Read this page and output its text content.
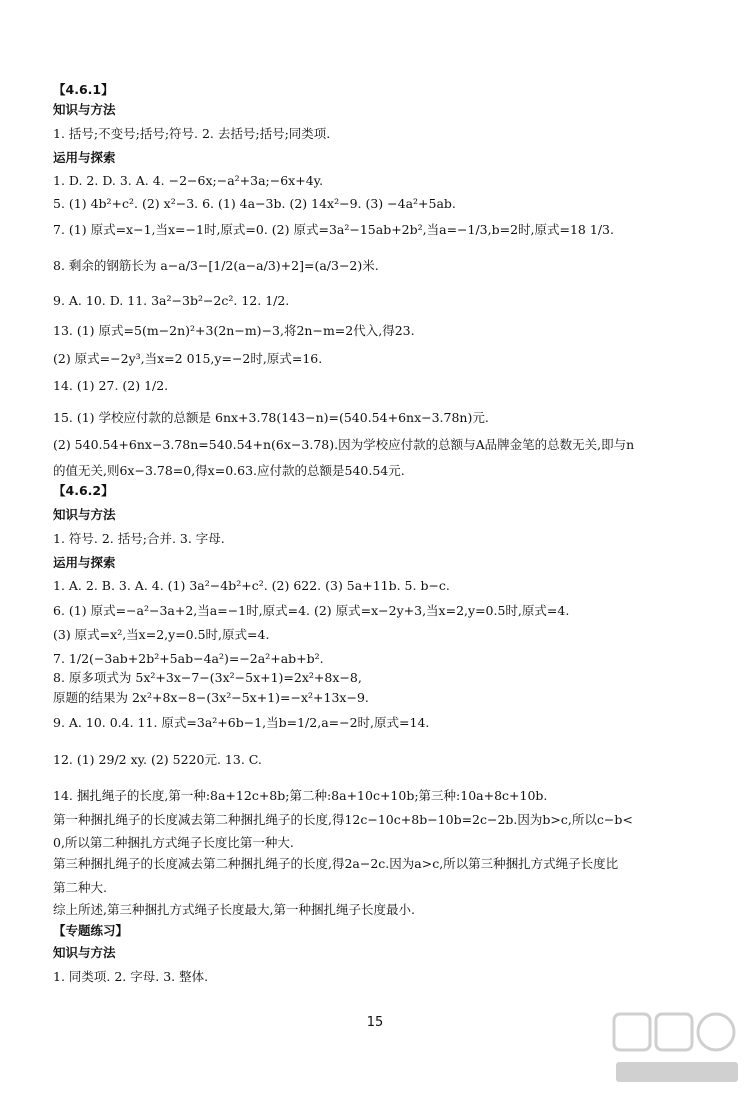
【4.6.1】
知识与方法
1. 括号;不变号;括号;符号. 2. 去括号;括号;同类项.
运用与探索
1. D. 2. D. 3. A. 4. −2−6x;−a²+3a;−6x+4y.
5. (1) 4b²+c². (2) x²−3. 6. (1) 4a−3b. (2) 14x²−9. (3) −4a²+5ab.
7. (1) 原式=x−1,当x=−1时,原式=0. (2) 原式=3a²−15ab+2b²,当a=−1/3,b=2时,原式=18 1/3.
8. 剩余的钢筋长为 a−a/3−[1/2(a−a/3)+2]=(a/3−2)米.
9. A. 10. D. 11. 3a²−3b²−2c². 12. 1/2.
13. (1) 原式=5(m−2n)²+3(2n−m)−3,将2n−m=2代入,得23.
(2) 原式=−2y³,当x=2 015,y=−2时,原式=16.
14. (1) 27. (2) 1/2.
15. (1) 学校应付款的总额是 6nx+3.78(143−n)=(540.54+6nx−3.78n)元.
(2) 540.54+6nx−3.78n=540.54+n(6x−3.78).因为学校应付款的总额与A品牌金笔的总数无关,即与n
的值无关,则6x−3.78=0,得x=0.63.应付款的总额是540.54元.
【4.6.2】
知识与方法
1. 符号. 2. 括号;合并. 3. 字母.
运用与探索
1. A. 2. B. 3. A. 4. (1) 3a²−4b²+c². (2) 622. (3) 5a+11b. 5. b−c.
6. (1) 原式=−a²−3a+2,当a=−1时,原式=4. (2) 原式=x−2y+3,当x=2,y=0.5时,原式=4.
(3) 原式=x²,当x=2,y=0.5时,原式=4.
7. 1/2(−3ab+2b²+5ab−4a²)=−2a²+ab+b².
8. 原多项式为 5x²+3x−7−(3x²−5x+1)=2x²+8x−8,
原题的结果为 2x²+8x−8−(3x²−5x+1)=−x²+13x−9.
9. A. 10. 0.4. 11. 原式=3a²+6b−1,当b=1/2,a=−2时,原式=14.
12. (1) 29/2 xy. (2) 5220元. 13. C.
14. 捆扎绳子的长度,第一种:8a+12c+8b;第二种:8a+10c+10b;第三种:10a+8c+10b.
第一种捆扎绳子的长度减去第二种捆扎绳子的长度,得12c−10c+8b−10b=2c−2b.因为b>c,所以c−b<
0,所以第二种捆扎方式绳子长度比第一种大.
第三种捆扎绳子的长度减去第二种捆扎绳子的长度,得2a−2c.因为a>c,所以第三种捆扎方式绳子长度比
第二种大.
综上所述,第三种捆扎方式绳子长度最大,第一种捆扎绳子长度最小.
【专题练习】
知识与方法
1. 同类项. 2. 字母. 3. 整体.
15
